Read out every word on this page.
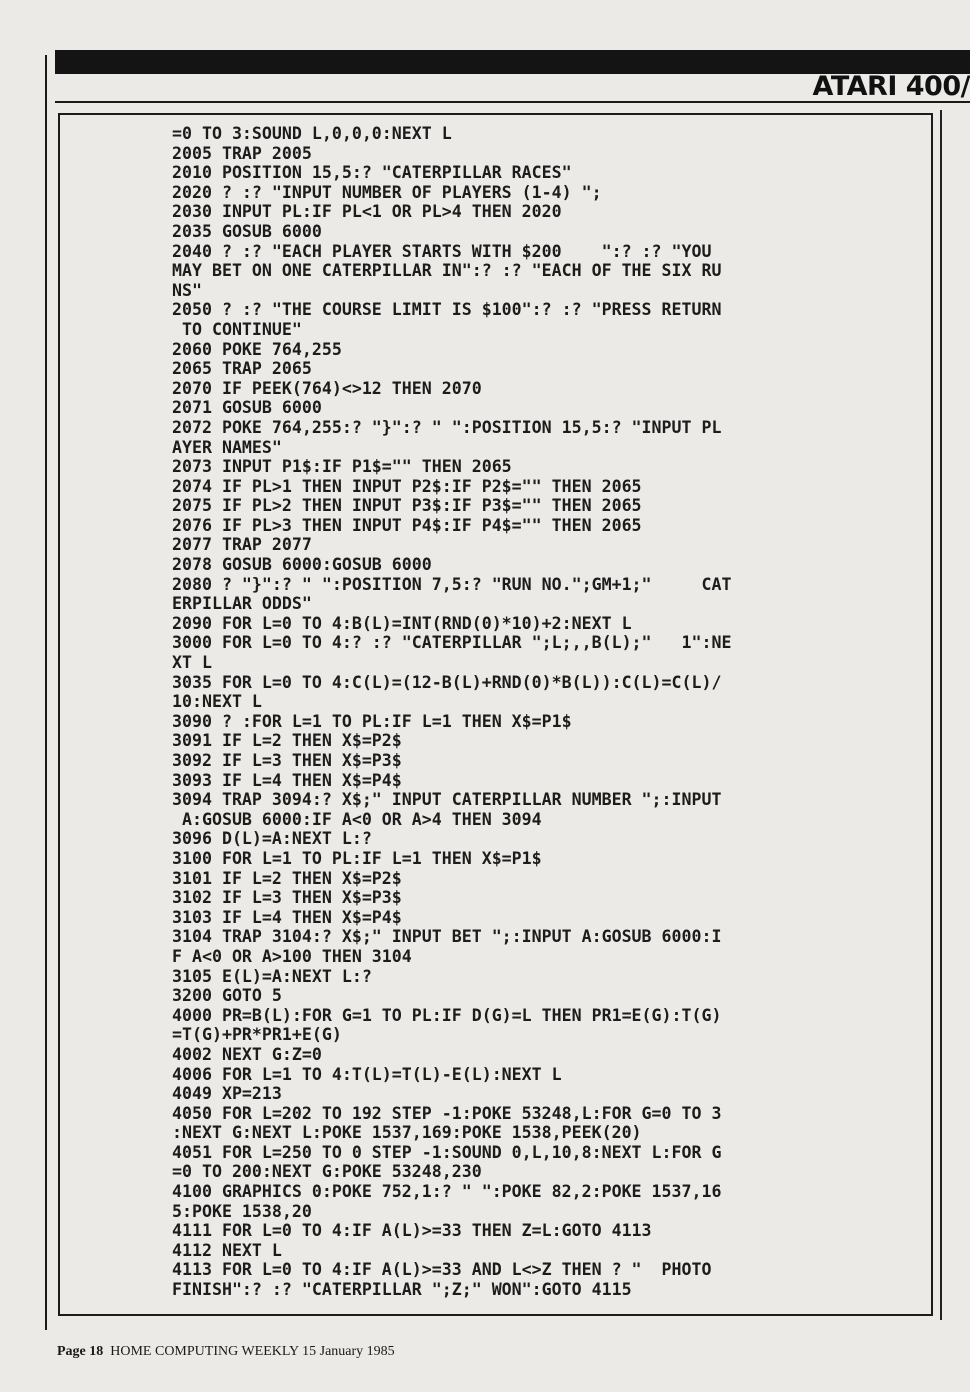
ATARI 400/
=0 TO 3:SOUND L,0,0,0:NEXT L
2005 TRAP 2005
2010 POSITION 15,5:? "CATERPILLAR RACES"
2020 ? :? "INPUT NUMBER OF PLAYERS (1-4) ";
2030 INPUT PL:IF PL<1 OR PL>4 THEN 2020
2035 GOSUB 6000
2040 ? :? "EACH PLAYER STARTS WITH $200    ":? :? "YOU
MAY BET ON ONE CATERPILLAR IN":? :? "EACH OF THE SIX RU
NS"
2050 ? :? "THE COURSE LIMIT IS $100":? :? "PRESS RETURN
TO CONTINUE"
2060 POKE 764,255
2065 TRAP 2065
2070 IF PEEK(764)<>12 THEN 2070
2071 GOSUB 6000
2072 POKE 764,255:? "}":? " ":POSITION 15,5:? "INPUT PL
AYER NAMES"
2073 INPUT P1$:IF P1$="" THEN 2065
2074 IF PL>1 THEN INPUT P2$:IF P2$="" THEN 2065
2075 IF PL>2 THEN INPUT P3$:IF P3$="" THEN 2065
2076 IF PL>3 THEN INPUT P4$:IF P4$="" THEN 2065
2077 TRAP 2077
2078 GOSUB 6000:GOSUB 6000
2080 ? "}":? " ":POSITION 7,5:? "RUN NO.";GM+1;"     CAT
ERPILLAR ODDS"
2090 FOR L=0 TO 4:B(L)=INT(RND(0)*10)+2:NEXT L
3000 FOR L=0 TO 4:? :? "CATERPILLAR ";L;,,B(L);"   1":NE
XT L
3035 FOR L=0 TO 4:C(L)=(12-B(L)+RND(0)*B(L)):C(L)=C(L)/
10:NEXT L
3090 ? :FOR L=1 TO PL:IF L=1 THEN X$=P1$
3091 IF L=2 THEN X$=P2$
3092 IF L=3 THEN X$=P3$
3093 IF L=4 THEN X$=P4$
3094 TRAP 3094:? X$;" INPUT CATERPILLAR NUMBER ";:INPUT
A:GOSUB 6000:IF A<0 OR A>4 THEN 3094
3096 D(L)=A:NEXT L:?
3100 FOR L=1 TO PL:IF L=1 THEN X$=P1$
3101 IF L=2 THEN X$=P2$
3102 IF L=3 THEN X$=P3$
3103 IF L=4 THEN X$=P4$
3104 TRAP 3104:? X$;" INPUT BET ";:INPUT A:GOSUB 6000:I
F A<0 OR A>100 THEN 3104
3105 E(L)=A:NEXT L:?
3200 GOTO 5
4000 PR=B(L):FOR G=1 TO PL:IF D(G)=L THEN PR1=E(G):T(G)
=T(G)+PR*PR1+E(G)
4002 NEXT G:Z=0
4006 FOR L=1 TO 4:T(L)=T(L)-E(L):NEXT L
4049 XP=213
4050 FOR L=202 TO 192 STEP -1:POKE 53248,L:FOR G=0 TO 3
:NEXT G:NEXT L:POKE 1537,169:POKE 1538,PEEK(20)
4051 FOR L=250 TO 0 STEP -1:SOUND 0,L,10,8:NEXT L:FOR G
=0 TO 200:NEXT G:POKE 53248,230
4100 GRAPHICS 0:POKE 752,1:? " ":POKE 82,2:POKE 1537,16
5:POKE 1538,20
4111 FOR L=0 TO 4:IF A(L)>=33 THEN Z=L:GOTO 4113
4112 NEXT L
4113 FOR L=0 TO 4:IF A(L)>=33 AND L<>Z THEN ? "  PHOTO
FINISH":? :? "CATERPILLAR ";Z;" WON":GOTO 4115
Page 18 HOME COMPUTING WEEKLY 15 January 1985
